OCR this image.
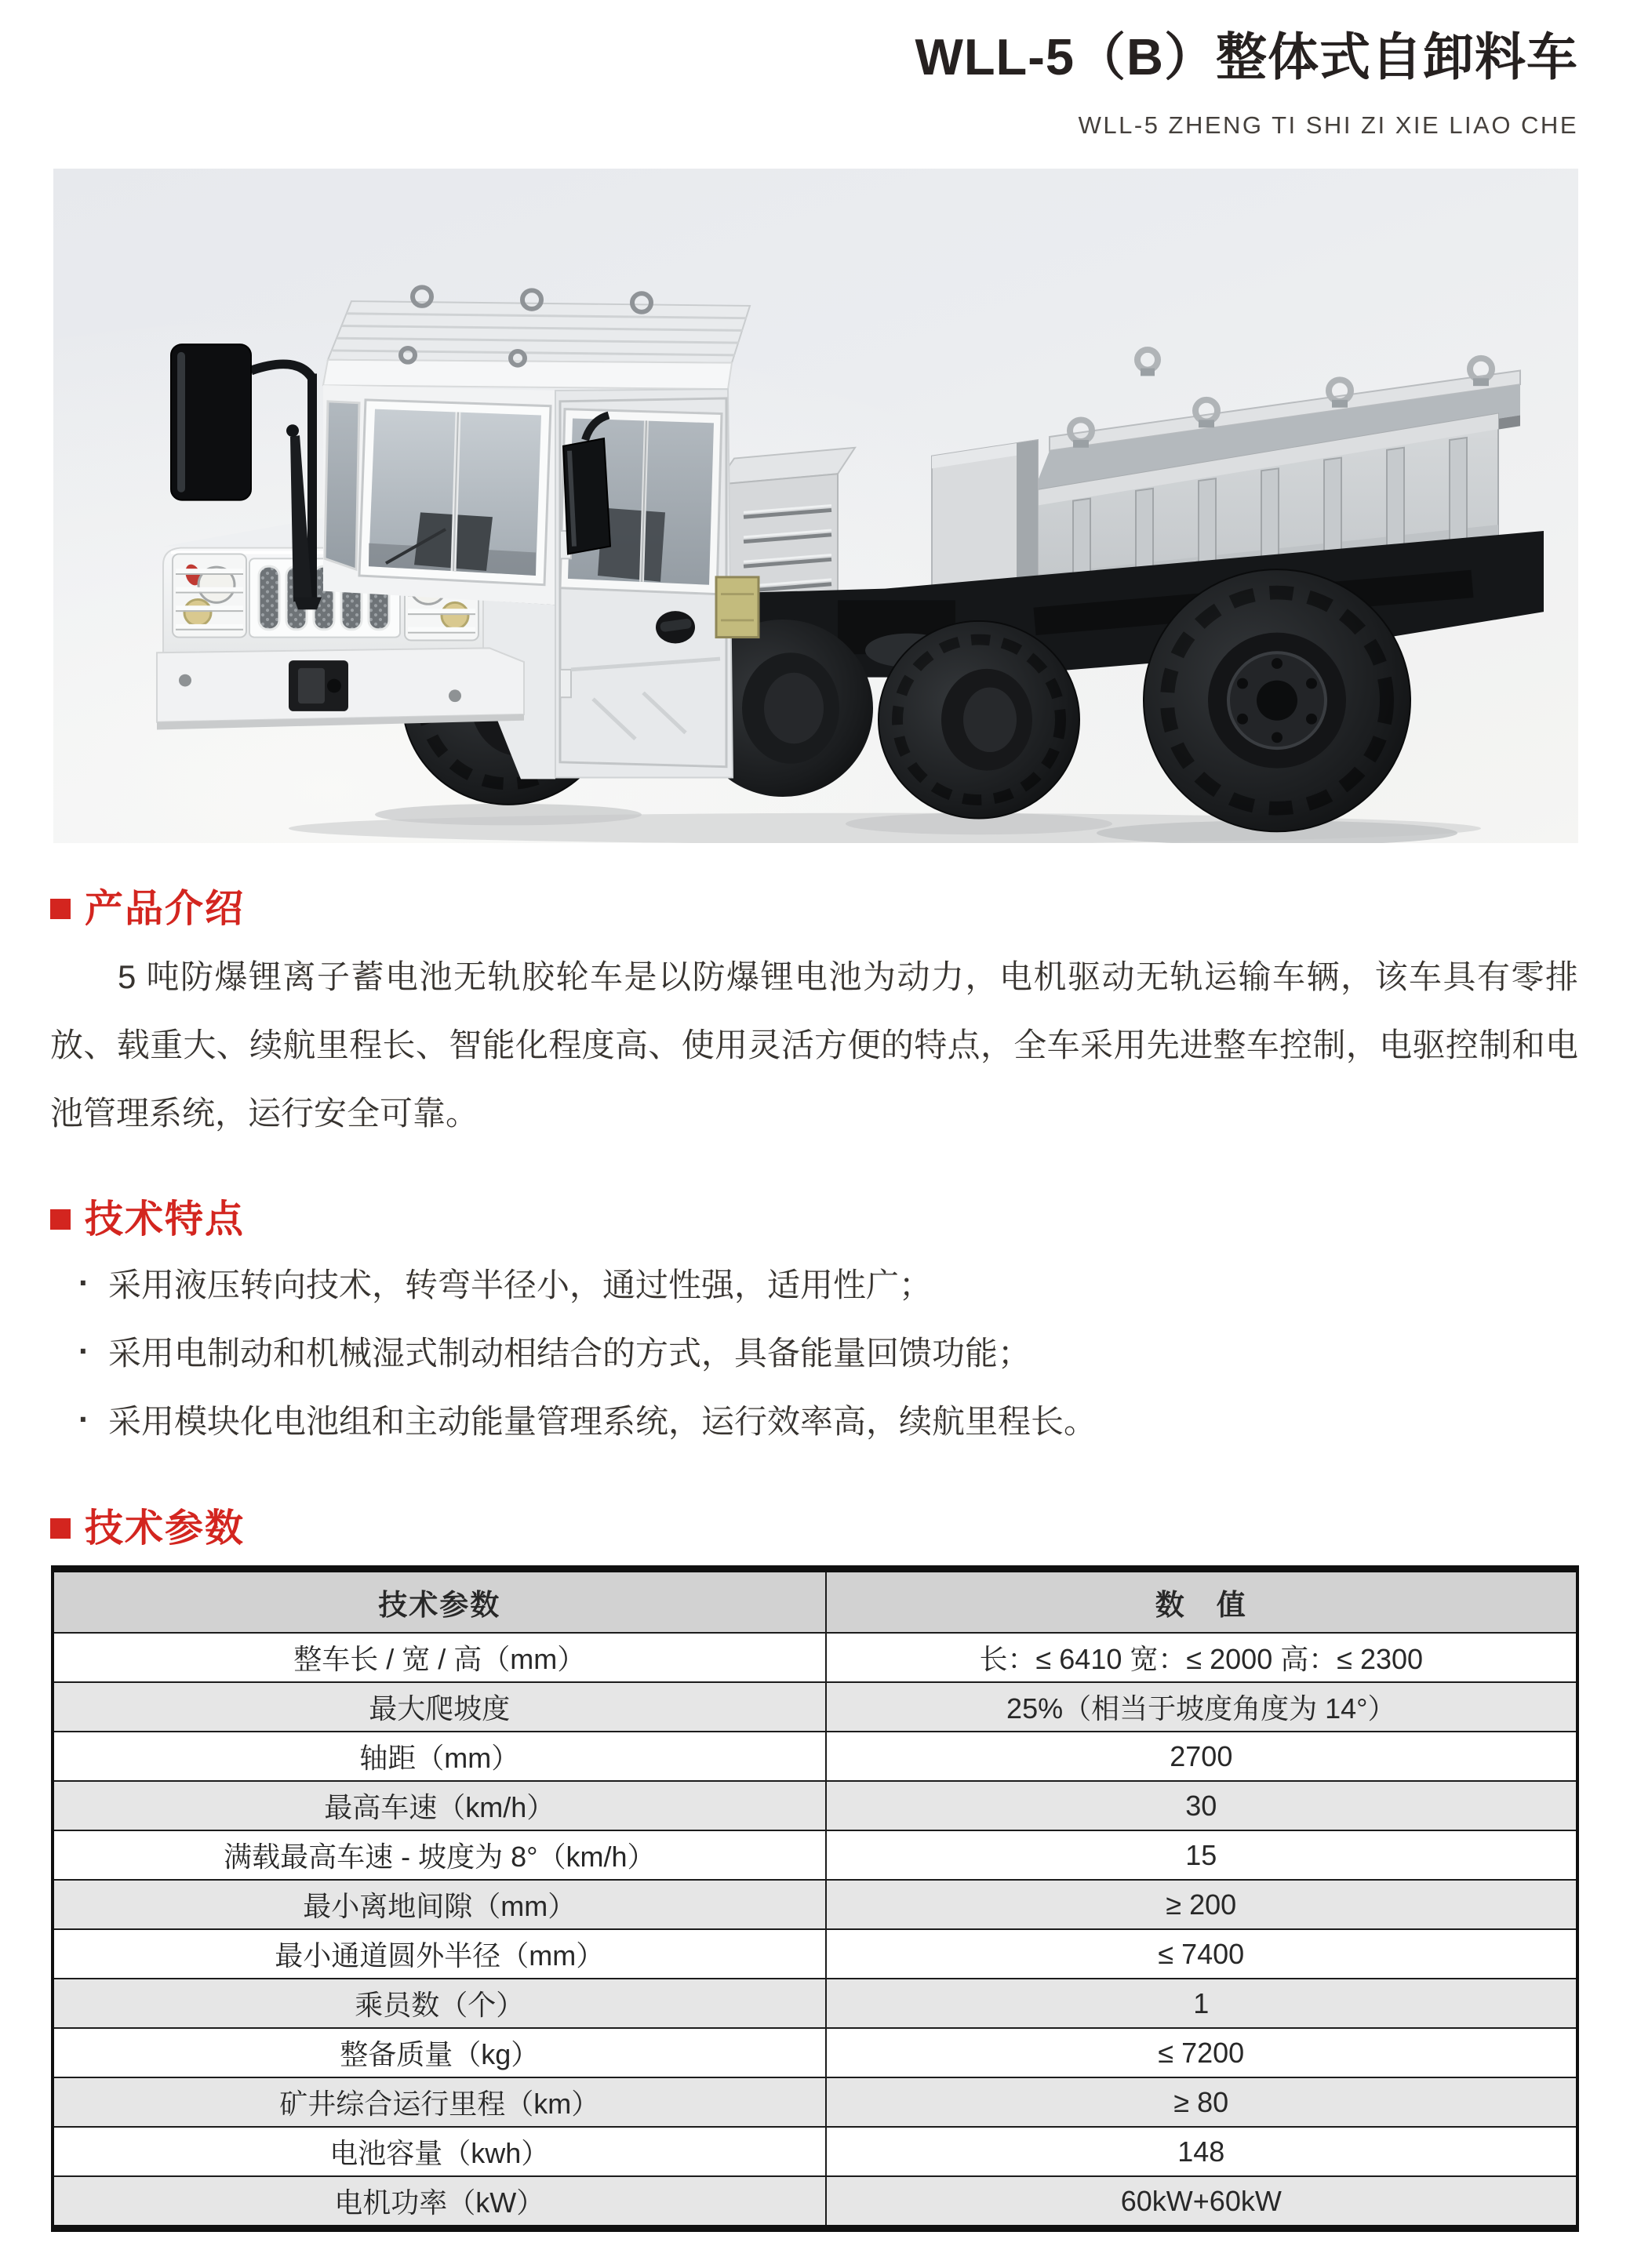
WLL-5（B）整体式自卸料车
WLL-5 ZHENG TI SHI ZI XIE LIAO CHE
产品介绍
5 吨防爆锂离子蓄电池无轨胶轮车是以防爆锂电池为动力，电机驱动无轨运输车辆，该车具有零排放、载重大、续航里程长、智能化程度高、使用灵活方便的特点，全车采用先进整车控制，电驱控制和电池管理系统，运行安全可靠。
技术特点
· 采用液压转向技术，转弯半径小，通过性强，适用性广；
· 采用电制动和机械湿式制动相结合的方式，具备能量回馈功能；
· 采用模块化电池组和主动能量管理系统，运行效率高，续航里程长。
技术参数
技术参数	数　值
整车长 / 宽 / 高（mm）	长：≤ 6410 宽：≤ 2000 高：≤ 2300
最大爬坡度	25%（相当于坡度角度为 14°）
轴距（mm）	2700
最高车速（km/h）	30
满载最高车速 - 坡度为 8°（km/h）	15
最小离地间隙（mm）	≥ 200
最小通道圆外半径（mm）	≤ 7400
乘员数（个）	1
整备质量（kg）	≤ 7200
矿井综合运行里程（km）	≥ 80
电池容量（kwh）	148
电机功率（kW）	60kW+60kW
